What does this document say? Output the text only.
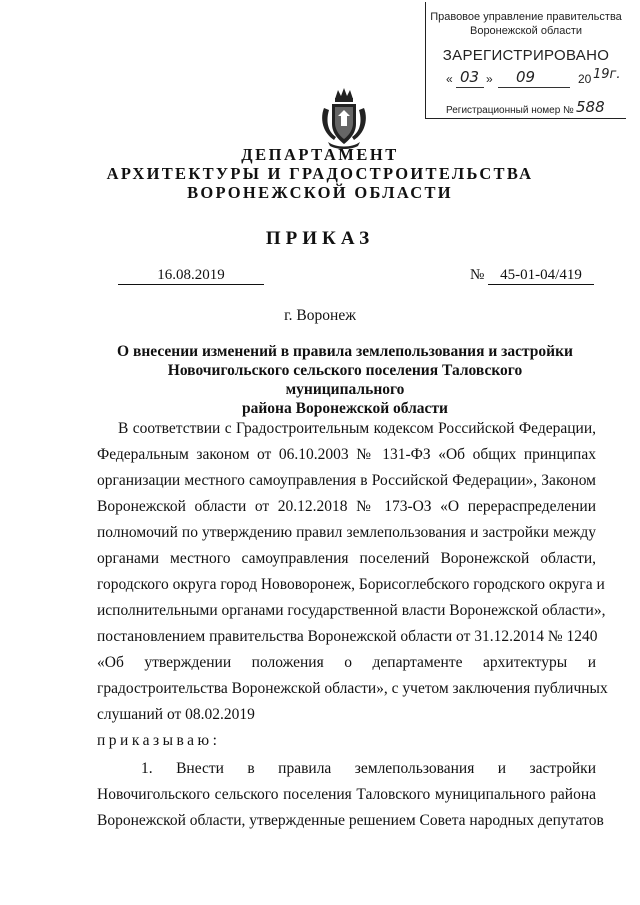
Правовое управление правительства
Воронежской области
ЗАРЕГИСТРИРОВАНО
« 03 » 09	20 19г.
Регистрационный номер № 588
ДЕПАРТАМЕНТ
АРХИТЕКТУРЫ И ГРАДОСТРОИТЕЛЬСТВА
ВОРОНЕЖСКОЙ ОБЛАСТИ
ПРИКАЗ
16.08.2019	№	45-01-04/419
г. Воронеж
О внесении изменений в правила землепользования и застройки
Новочигольского сельского поселения Таловского муниципального
района Воронежской области
В соответствии с Градостроительным кодексом Российской Федерации,
Федеральным законом от 06.10.2003 № 131-ФЗ «Об общих принципах
организации местного самоуправления в Российской Федерации», Законом
Воронежской области от 20.12.2018 № 173-ОЗ «О перераспределении
полномочий по утверждению правил землепользования и застройки между
органами местного самоуправления поселений Воронежской области,
городского округа город Нововоронеж, Борисоглебского городского округа и
исполнительными органами государственной власти Воронежской области»,
постановлением правительства Воронежской области от 31.12.2014 № 1240
«Об утверждении положения о департаменте архитектуры и
градостроительства Воронежской области», с учетом заключения публичных
слушаний от 08.02.2019
приказываю:
1. Внести в правила землепользования и застройки
Новочигольского сельского поселения Таловского муниципального района
Воронежской области, утвержденные решением Совета народных депутатов
